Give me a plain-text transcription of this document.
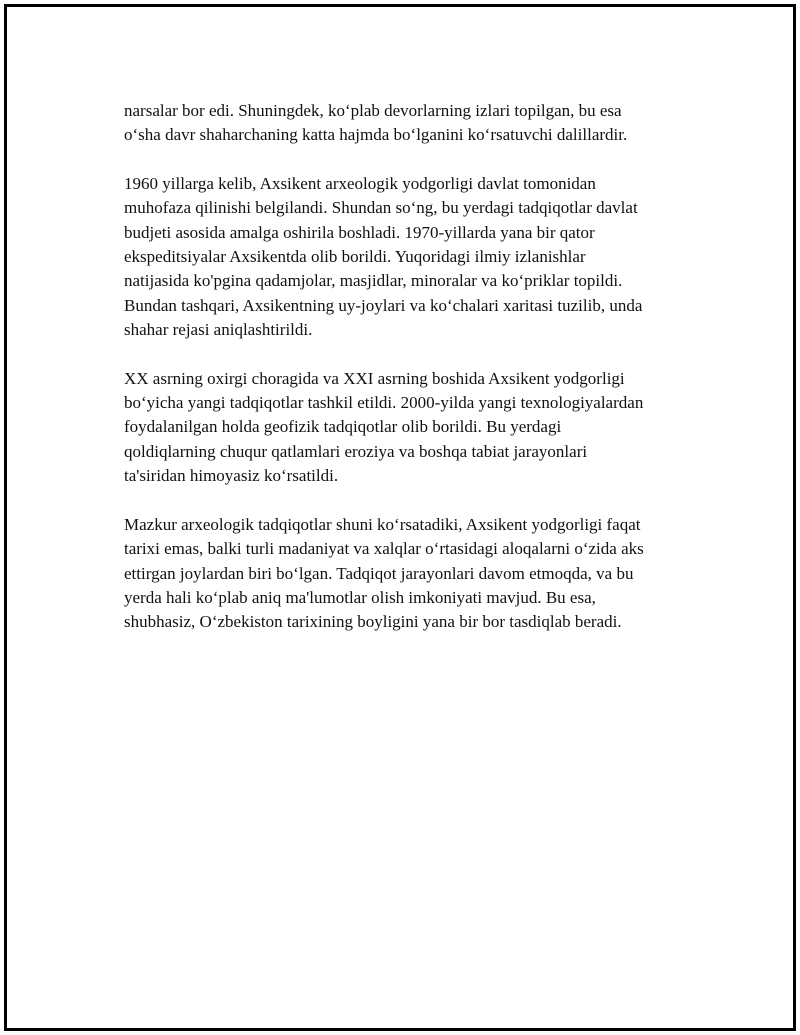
narsalar bor edi. Shuningdek, ko‘plab devorlarning izlari topilgan, bu esa
o‘sha davr shaharchaning katta hajmda bo‘lganini ko‘rsatuvchi dalillardir.

1960 yillarga kelib, Axsikent arxeologik yodgorligi davlat tomonidan
muhofaza qilinishi belgilandi. Shundan so‘ng, bu yerdagi tadqiqotlar davlat
budjeti asosida amalga oshirila boshladi. 1970-yillarda yana bir qator
ekspeditsiyalar Axsikentda olib borildi. Yuqoridagi ilmiy izlanishlar
natijasida ko'pgina qadamjolar, masjidlar, minoralar va ko‘priklar topildi.
Bundan tashqari, Axsikentning uy-joylari va ko‘chalari xaritasi tuzilib, unda
shahar rejasi aniqlashtirildi.

XX asrning oxirgi choragida va XXI asrning boshida Axsikent yodgorligi
bo‘yicha yangi tadqiqotlar tashkil etildi. 2000-yilda yangi texnologiyalardan
foydalanilgan holda geofizik tadqiqotlar olib borildi. Bu yerdagi
qoldiqlarning chuqur qatlamlari eroziya va boshqa tabiat jarayonlari
ta'siridan himoyasiz ko‘rsatildi.

Mazkur arxeologik tadqiqotlar shuni ko‘rsatadiki, Axsikent yodgorligi faqat
tarixi emas, balki turli madaniyat va xalqlar o‘rtasidagi aloqalarni o‘zida aks
ettirgan joylardan biri bo‘lgan. Tadqiqot jarayonlari davom etmoqda, va bu
yerda hali ko‘plab aniq ma'lumotlar olish imkoniyati mavjud. Bu esa,
shubhasiz, O‘zbekiston tarixining boyligini yana bir bor tasdiqlab beradi.
